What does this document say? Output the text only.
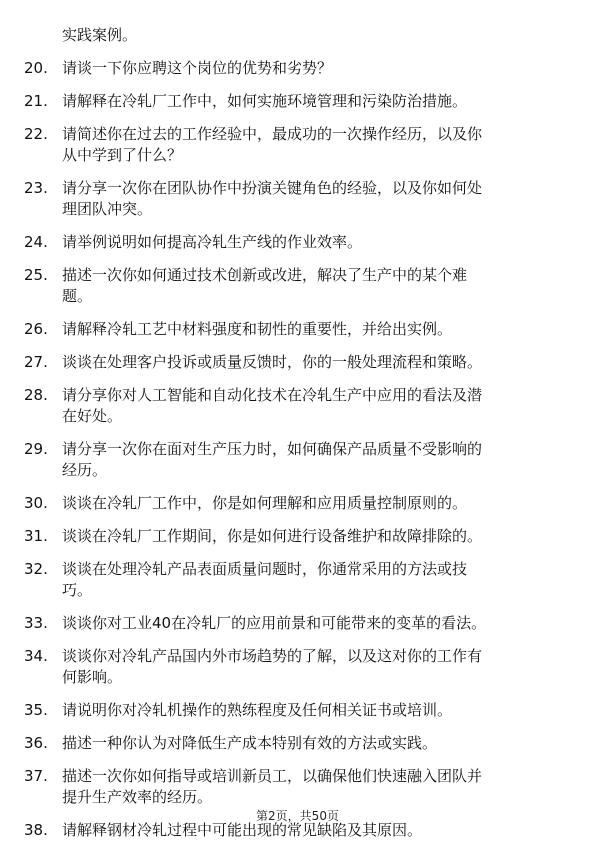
实践案例。
20. 请谈一下你应聘这个岗位的优势和劣势？
21. 请解释在冷轧厂工作中，如何实施环境管理和污染防治措施。
22. 请简述你在过去的工作经验中，最成功的一次操作经历，以及你
从中学到了什么？
23. 请分享一次你在团队协作中扮演关键角色的经验，以及你如何处
理团队冲突。
24. 请举例说明如何提高冷轧生产线的作业效率。
25. 描述一次你如何通过技术创新或改进，解决了生产中的某个难
题。
26. 请解释冷轧工艺中材料强度和韧性的重要性，并给出实例。
27. 谈谈在处理客户投诉或质量反馈时，你的一般处理流程和策略。
28. 请分享你对人工智能和自动化技术在冷轧生产中应用的看法及潜
在好处。
29. 请分享一次你在面对生产压力时，如何确保产品质量不受影响的
经历。
30. 谈谈在冷轧厂工作中，你是如何理解和应用质量控制原则的。
31. 谈谈在冷轧厂工作期间，你是如何进行设备维护和故障排除的。
32. 谈谈在处理冷轧产品表面质量问题时，你通常采用的方法或技
巧。
33. 谈谈你对工业40在冷轧厂的应用前景和可能带来的变革的看法。
34. 谈谈你对冷轧产品国内外市场趋势的了解，以及这对你的工作有
何影响。
35. 请说明你对冷轧机操作的熟练程度及任何相关证书或培训。
36. 描述一种你认为对降低生产成本特别有效的方法或实践。
37. 描述一次你如何指导或培训新员工，以确保他们快速融入团队并
提升生产效率的经历。
38. 请解释钢材冷轧过程中可能出现的常见缺陷及其原因。
第2页，共50页
